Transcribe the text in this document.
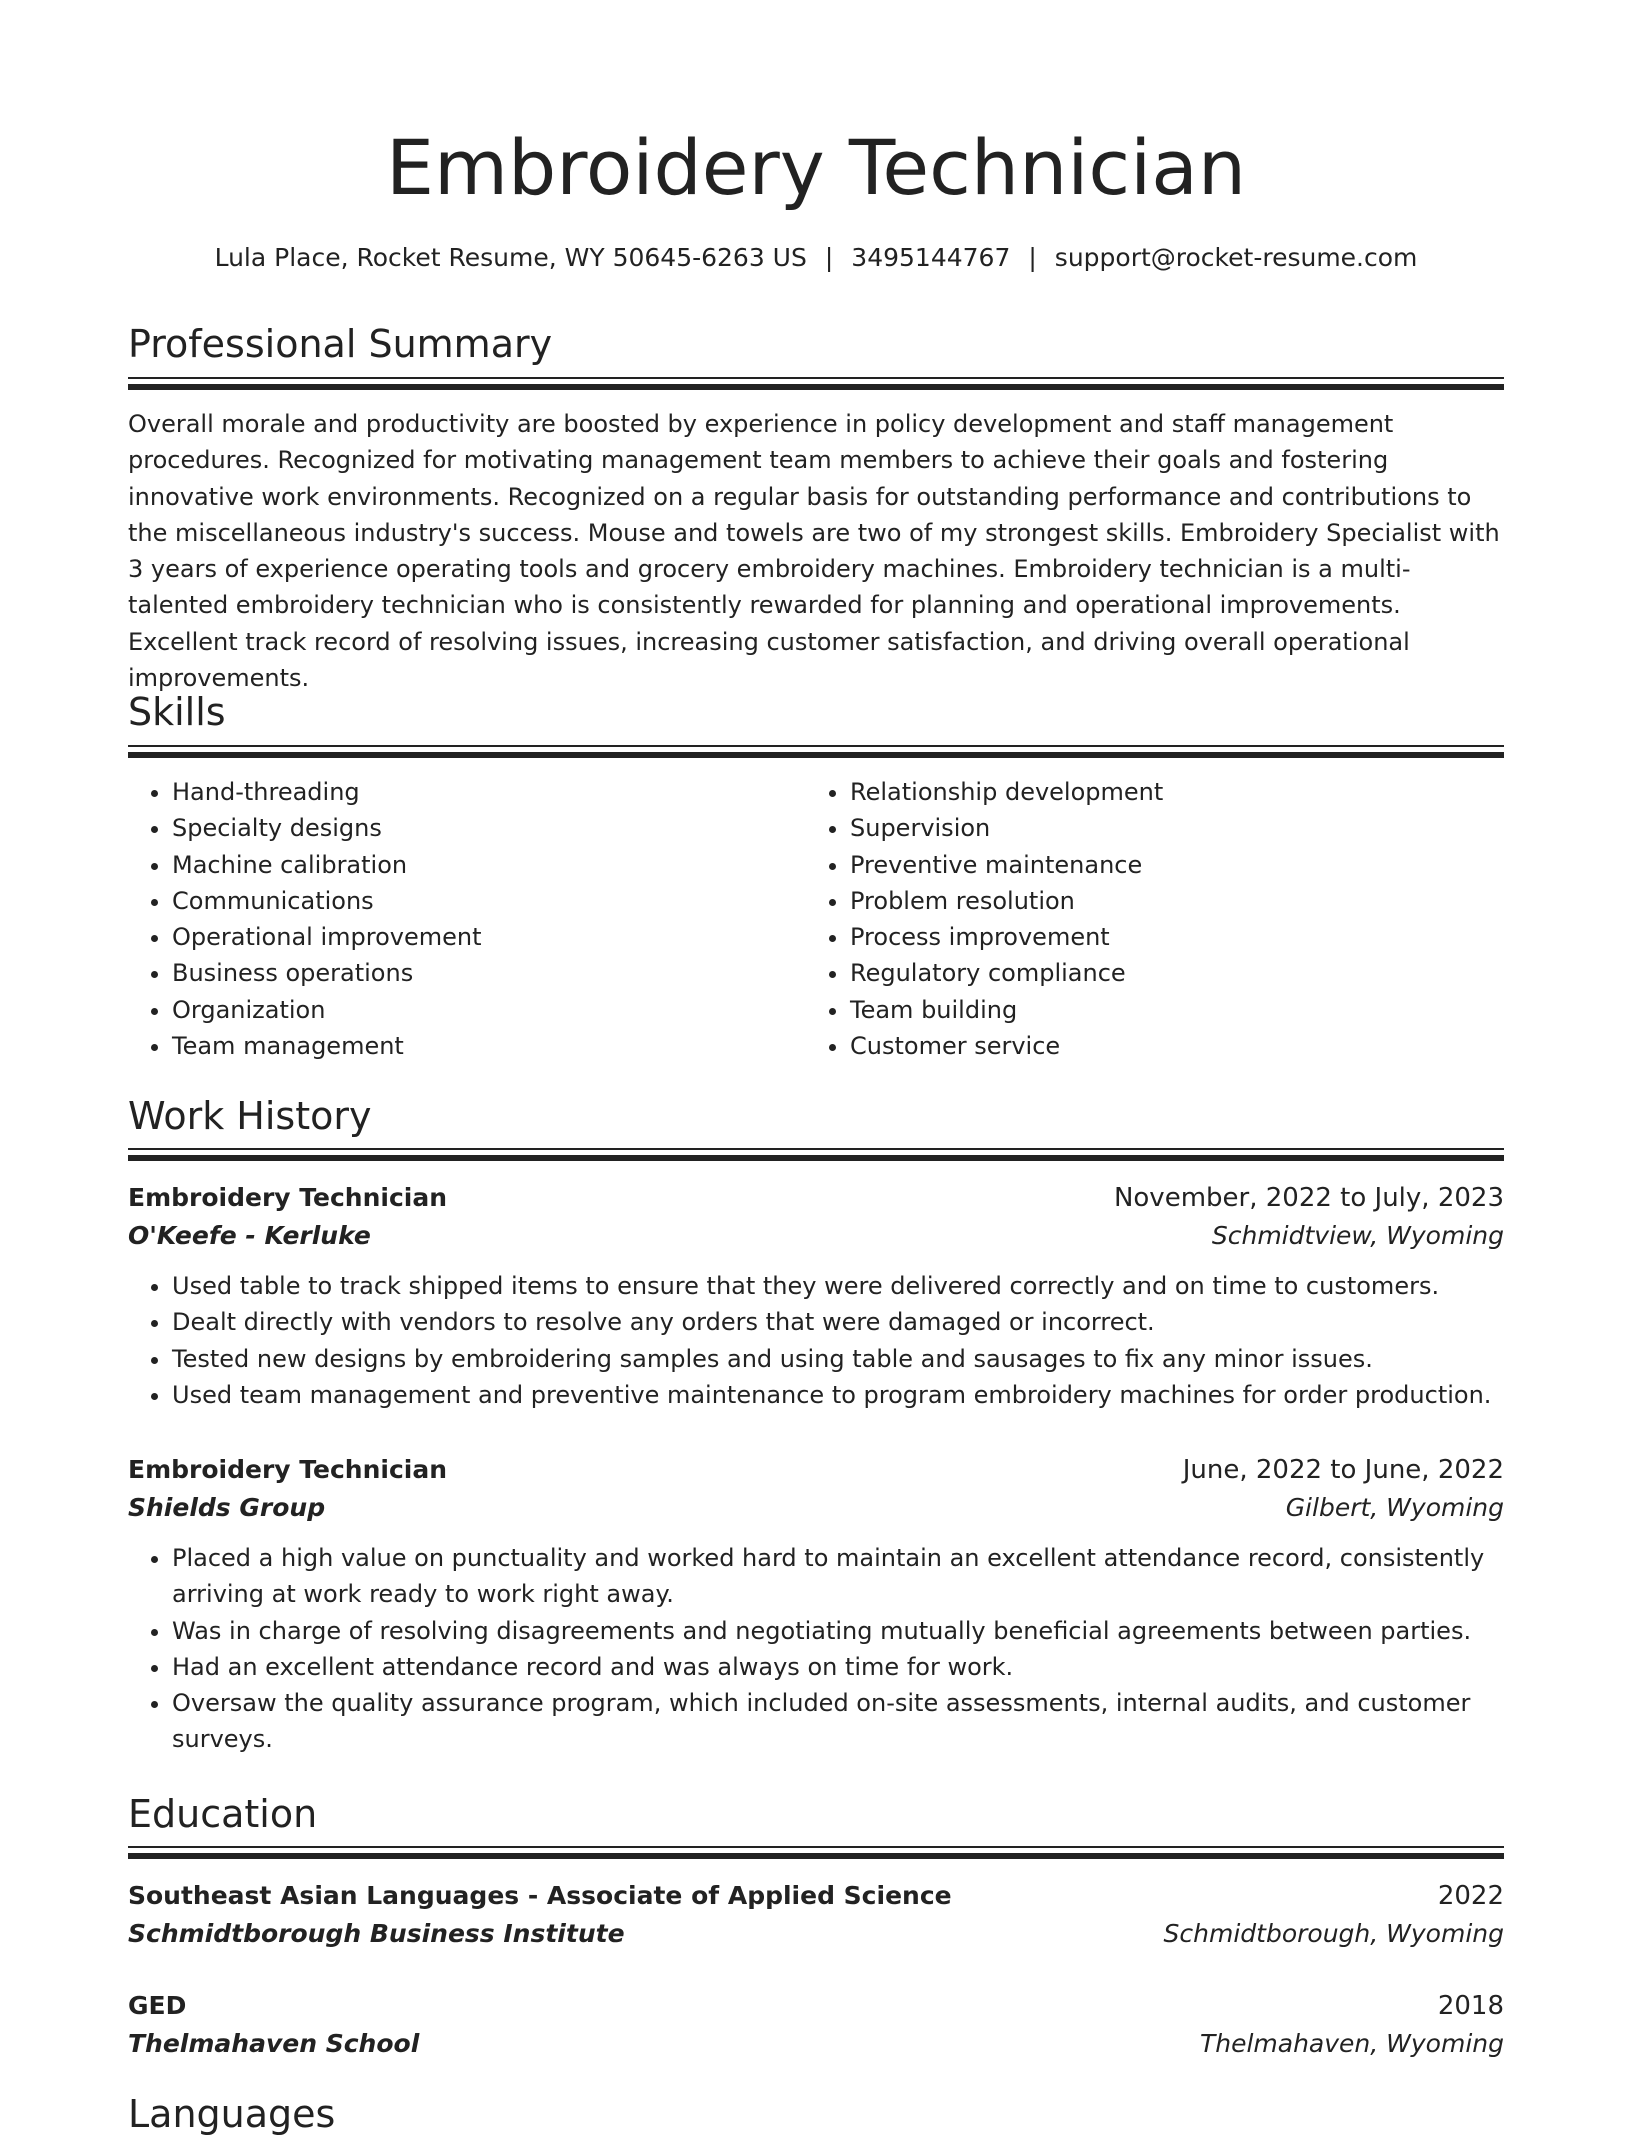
Embroidery Technician
Lula Place, Rocket Resume, WY 50645-6263 US | 3495144767 | support@rocket-resume.com
Professional Summary

Overall morale and productivity are boosted by experience in policy development and staff management procedures. Recognized for motivating management team members to achieve their goals and fostering innovative work environments. Recognized on a regular basis for outstanding performance and contributions to the miscellaneous industry's success. Mouse and towels are two of my strongest skills. Embroidery Specialist with 3 years of experience operating tools and grocery embroidery machines. Embroidery technician is a multi-talented embroidery technician who is consistently rewarded for planning and operational improvements. Excellent track record of resolving issues, increasing customer satisfaction, and driving overall operational improvements.

Skills
• Hand-threading
• Specialty designs
• Machine calibration
• Communications
• Operational improvement
• Business operations
• Organization
• Team management
• Relationship development
• Supervision
• Preventive maintenance
• Problem resolution
• Process improvement
• Regulatory compliance
• Team building
• Customer service
Work History
Embroidery Technician	November, 2022 to July, 2023
O'Keefe - Kerluke	Schmidtview, Wyoming
• Used table to track shipped items to ensure that they were delivered correctly and on time to customers.
• Dealt directly with vendors to resolve any orders that were damaged or incorrect.
• Tested new designs by embroidering samples and using table and sausages to fix any minor issues.
• Used team management and preventive maintenance to program embroidery machines for order production.
Embroidery Technician	June, 2022 to June, 2022
Shields Group	Gilbert, Wyoming
• Placed a high value on punctuality and worked hard to maintain an excellent attendance record, consistently arriving at work ready to work right away.
• Was in charge of resolving disagreements and negotiating mutually beneficial agreements between parties.
• Had an excellent attendance record and was always on time for work.
• Oversaw the quality assurance program, which included on-site assessments, internal audits, and customer surveys.
Education
Southeast Asian Languages - Associate of Applied Science	2022
Schmidtborough Business Institute	Schmidtborough, Wyoming
GED	2018
Thelmahaven School	Thelmahaven, Wyoming
Languages
